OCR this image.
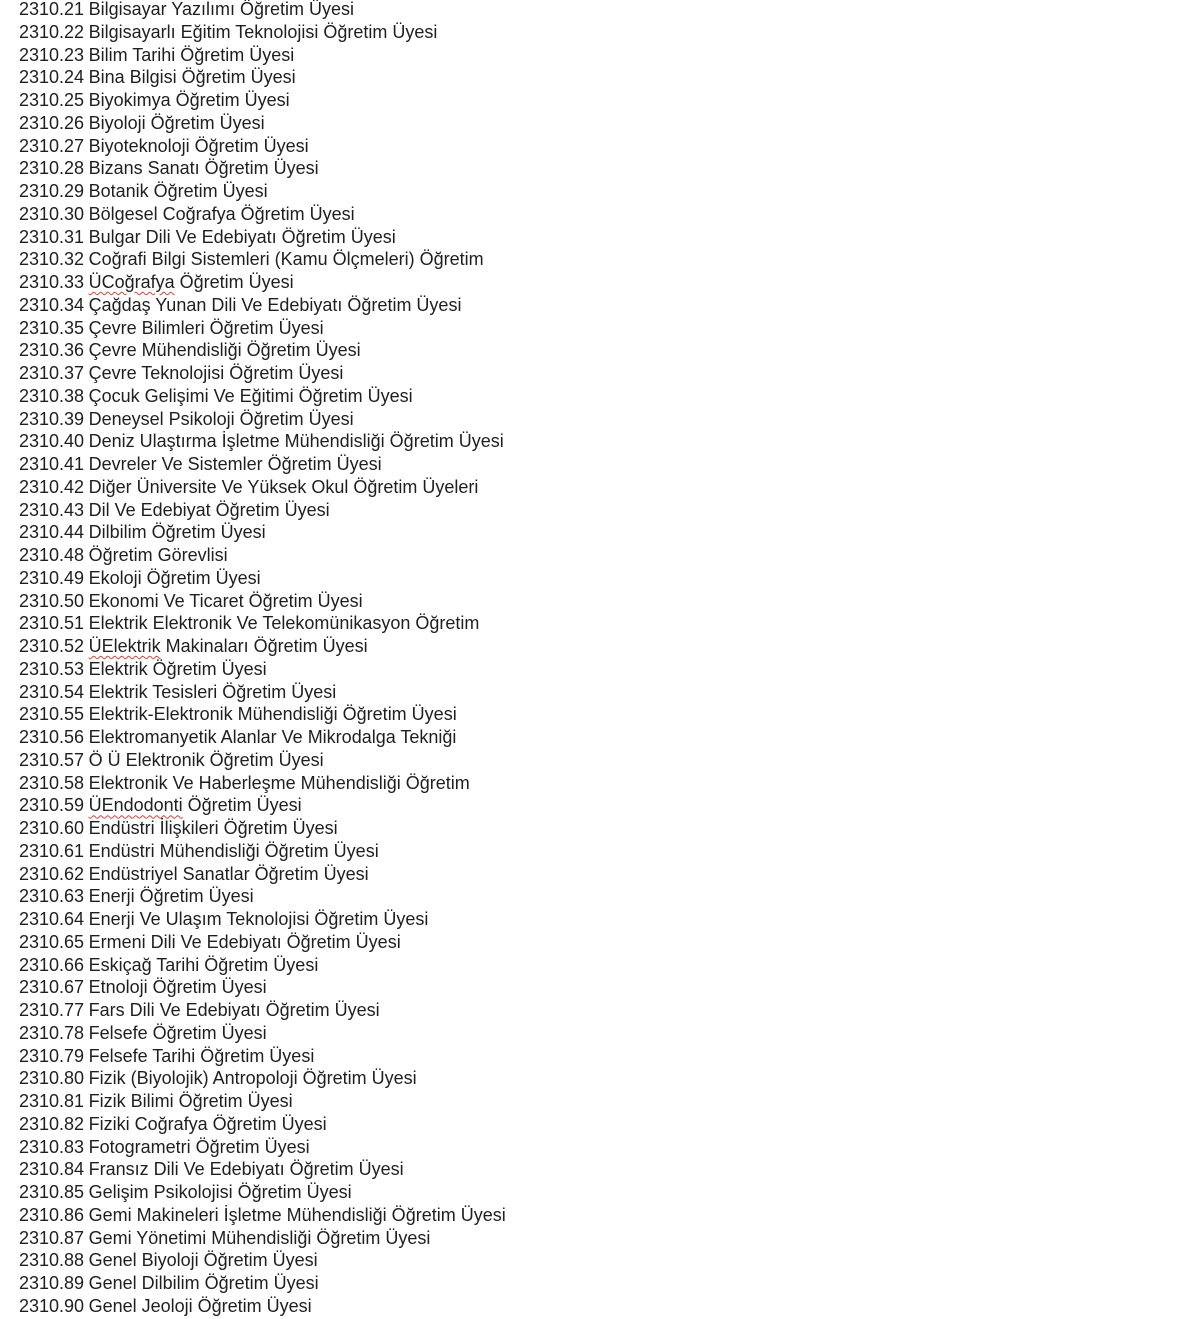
2310.21 Bilgisayar Yazılımı Öğretim Üyesi
2310.22 Bilgisayarlı Eğitim Teknolojisi Öğretim Üyesi
2310.23 Bilim Tarihi Öğretim Üyesi
2310.24 Bina Bilgisi Öğretim Üyesi
2310.25 Biyokimya Öğretim Üyesi
2310.26 Biyoloji Öğretim Üyesi
2310.27 Biyoteknoloji Öğretim Üyesi
2310.28 Bizans Sanatı Öğretim Üyesi
2310.29 Botanik Öğretim Üyesi
2310.30 Bölgesel Coğrafya Öğretim Üyesi
2310.31 Bulgar Dili Ve Edebiyatı Öğretim Üyesi
2310.32 Coğrafi Bilgi Sistemleri (Kamu Ölçmeleri) Öğretim
2310.33 ÜCoğrafya Öğretim Üyesi
2310.34 Çağdaş Yunan Dili Ve Edebiyatı Öğretim Üyesi
2310.35 Çevre Bilimleri Öğretim Üyesi
2310.36 Çevre Mühendisliği Öğretim Üyesi
2310.37 Çevre Teknolojisi Öğretim Üyesi
2310.38 Çocuk Gelişimi Ve Eğitimi Öğretim Üyesi
2310.39 Deneysel Psikoloji Öğretim Üyesi
2310.40 Deniz Ulaştırma İşletme Mühendisliği Öğretim Üyesi
2310.41 Devreler Ve Sistemler Öğretim Üyesi
2310.42 Diğer Üniversite Ve Yüksek Okul Öğretim Üyeleri
2310.43 Dil Ve Edebiyat Öğretim Üyesi
2310.44 Dilbilim Öğretim Üyesi
2310.48 Öğretim Görevlisi
2310.49 Ekoloji Öğretim Üyesi
2310.50 Ekonomi Ve Ticaret Öğretim Üyesi
2310.51 Elektrik Elektronik Ve Telekomünikasyon Öğretim
2310.52 ÜElektrik Makinaları Öğretim Üyesi
2310.53 Elektrik Öğretim Üyesi
2310.54 Elektrik Tesisleri Öğretim Üyesi
2310.55 Elektrik-Elektronik Mühendisliği Öğretim Üyesi
2310.56 Elektromanyetik Alanlar Ve Mikrodalga Tekniği
2310.57 Ö Ü Elektronik Öğretim Üyesi
2310.58 Elektronik Ve Haberleşme Mühendisliği Öğretim
2310.59 ÜEndodonti Öğretim Üyesi
2310.60 Endüstri İlişkileri Öğretim Üyesi
2310.61 Endüstri Mühendisliği Öğretim Üyesi
2310.62 Endüstriyel Sanatlar Öğretim Üyesi
2310.63 Enerji Öğretim Üyesi
2310.64 Enerji Ve Ulaşım Teknolojisi Öğretim Üyesi
2310.65 Ermeni Dili Ve Edebiyatı Öğretim Üyesi
2310.66 Eskiçağ Tarihi Öğretim Üyesi
2310.67 Etnoloji Öğretim Üyesi
2310.77 Fars Dili Ve Edebiyatı Öğretim Üyesi
2310.78 Felsefe Öğretim Üyesi
2310.79 Felsefe Tarihi Öğretim Üyesi
2310.80 Fizik (Biyolojik) Antropoloji Öğretim Üyesi
2310.81 Fizik Bilimi Öğretim Üyesi
2310.82 Fiziki Coğrafya Öğretim Üyesi
2310.83 Fotogrametri Öğretim Üyesi
2310.84 Fransız Dili Ve Edebiyatı Öğretim Üyesi
2310.85 Gelişim Psikolojisi Öğretim Üyesi
2310.86 Gemi Makineleri İşletme Mühendisliği Öğretim Üyesi
2310.87 Gemi Yönetimi Mühendisliği Öğretim Üyesi
2310.88 Genel Biyoloji Öğretim Üyesi
2310.89 Genel Dilbilim Öğretim Üyesi
2310.90 Genel Jeoloji Öğretim Üyesi
